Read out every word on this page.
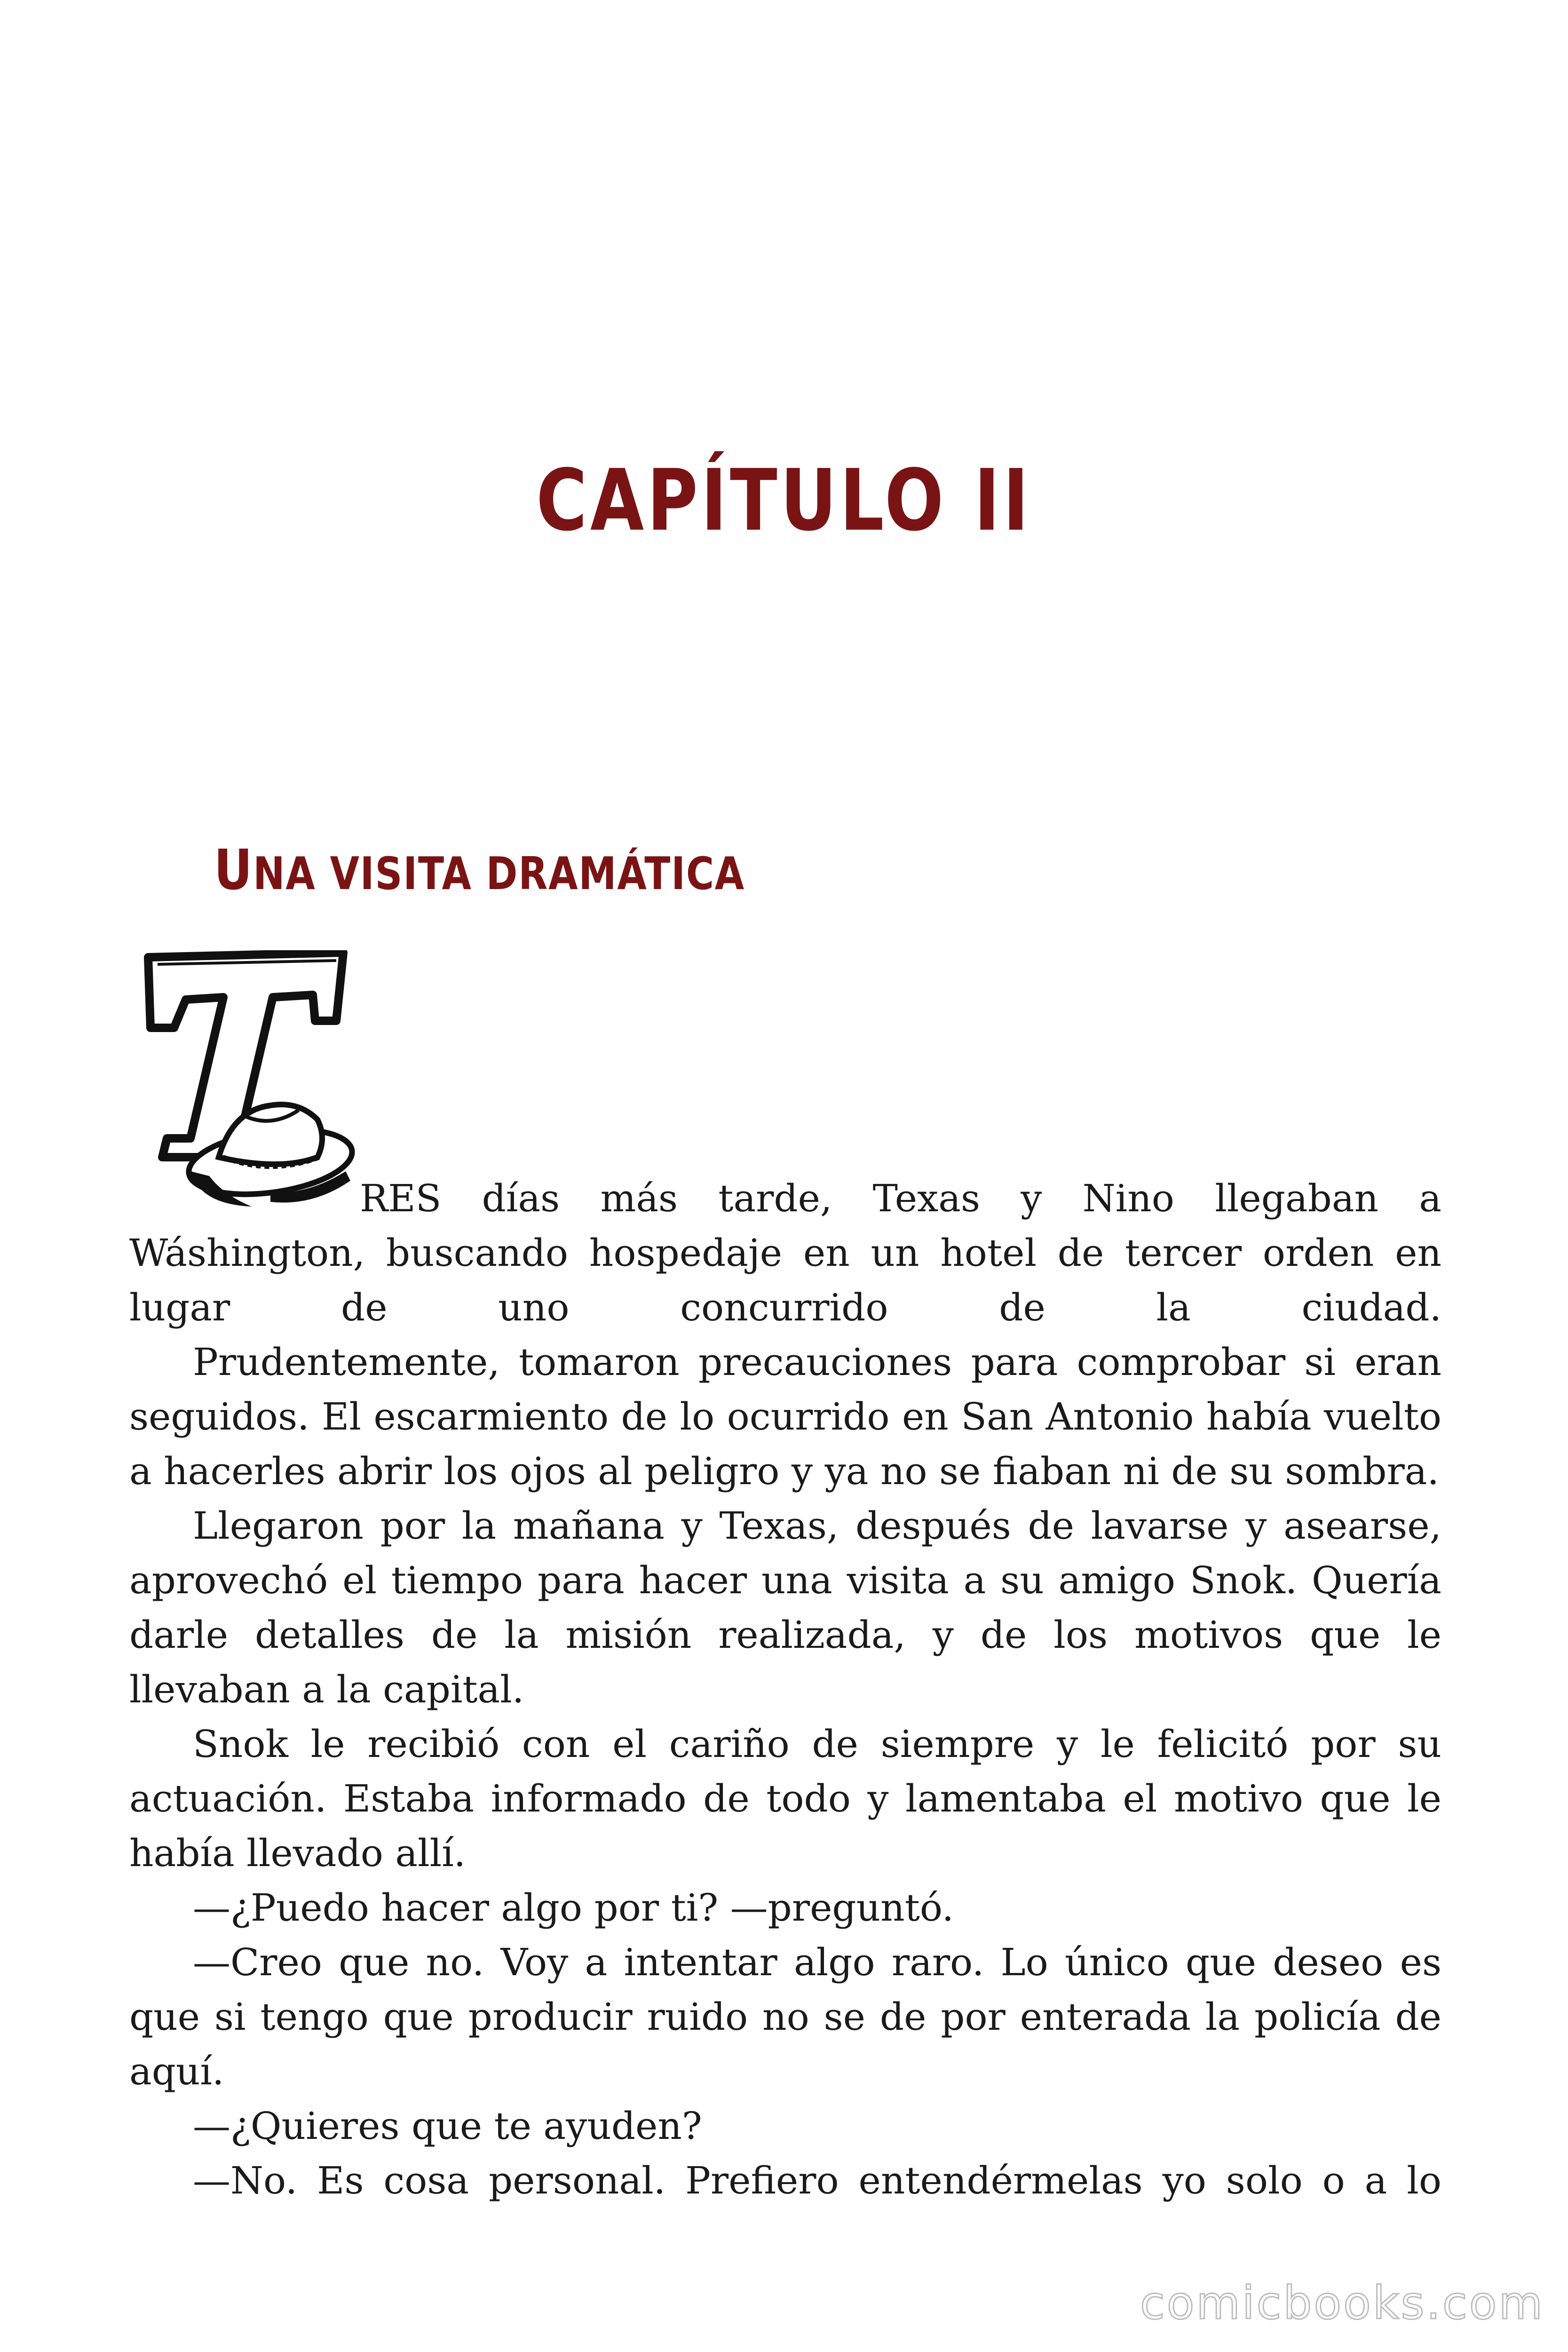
CAPÍTULO II
UNA VISITA DRAMÁTICA

RES días más tarde, Texas y Nino llegaban a Wáshington, buscando hospedaje en un hotel de tercer orden en lugar de uno concurrido de la ciudad.

Prudentemente, tomaron precauciones para comprobar si eran seguidos. El escarmiento de lo ocurrido en San Antonio había vuelto a hacerles abrir los ojos al peligro y ya no se fiaban ni de su sombra.

Llegaron por la mañana y Texas, después de lavarse y asearse, aprovechó el tiempo para hacer una visita a su amigo Snok. Quería darle detalles de la misión realizada, y de los motivos que le llevaban a la capital.

Snok le recibió con el cariño de siempre y le felicitó por su actuación. Estaba informado de todo y lamentaba el motivo que le había llevado allí.

—¿Puedo hacer algo por ti? —preguntó.

—Creo que no. Voy a intentar algo raro. Lo único que deseo es que si tengo que producir ruido no se de por enterada la policía de aquí.

—¿Quieres que te ayuden?

—No. Es cosa personal. Prefiero entendérmelas yo solo o a lo

comicbooks.com
